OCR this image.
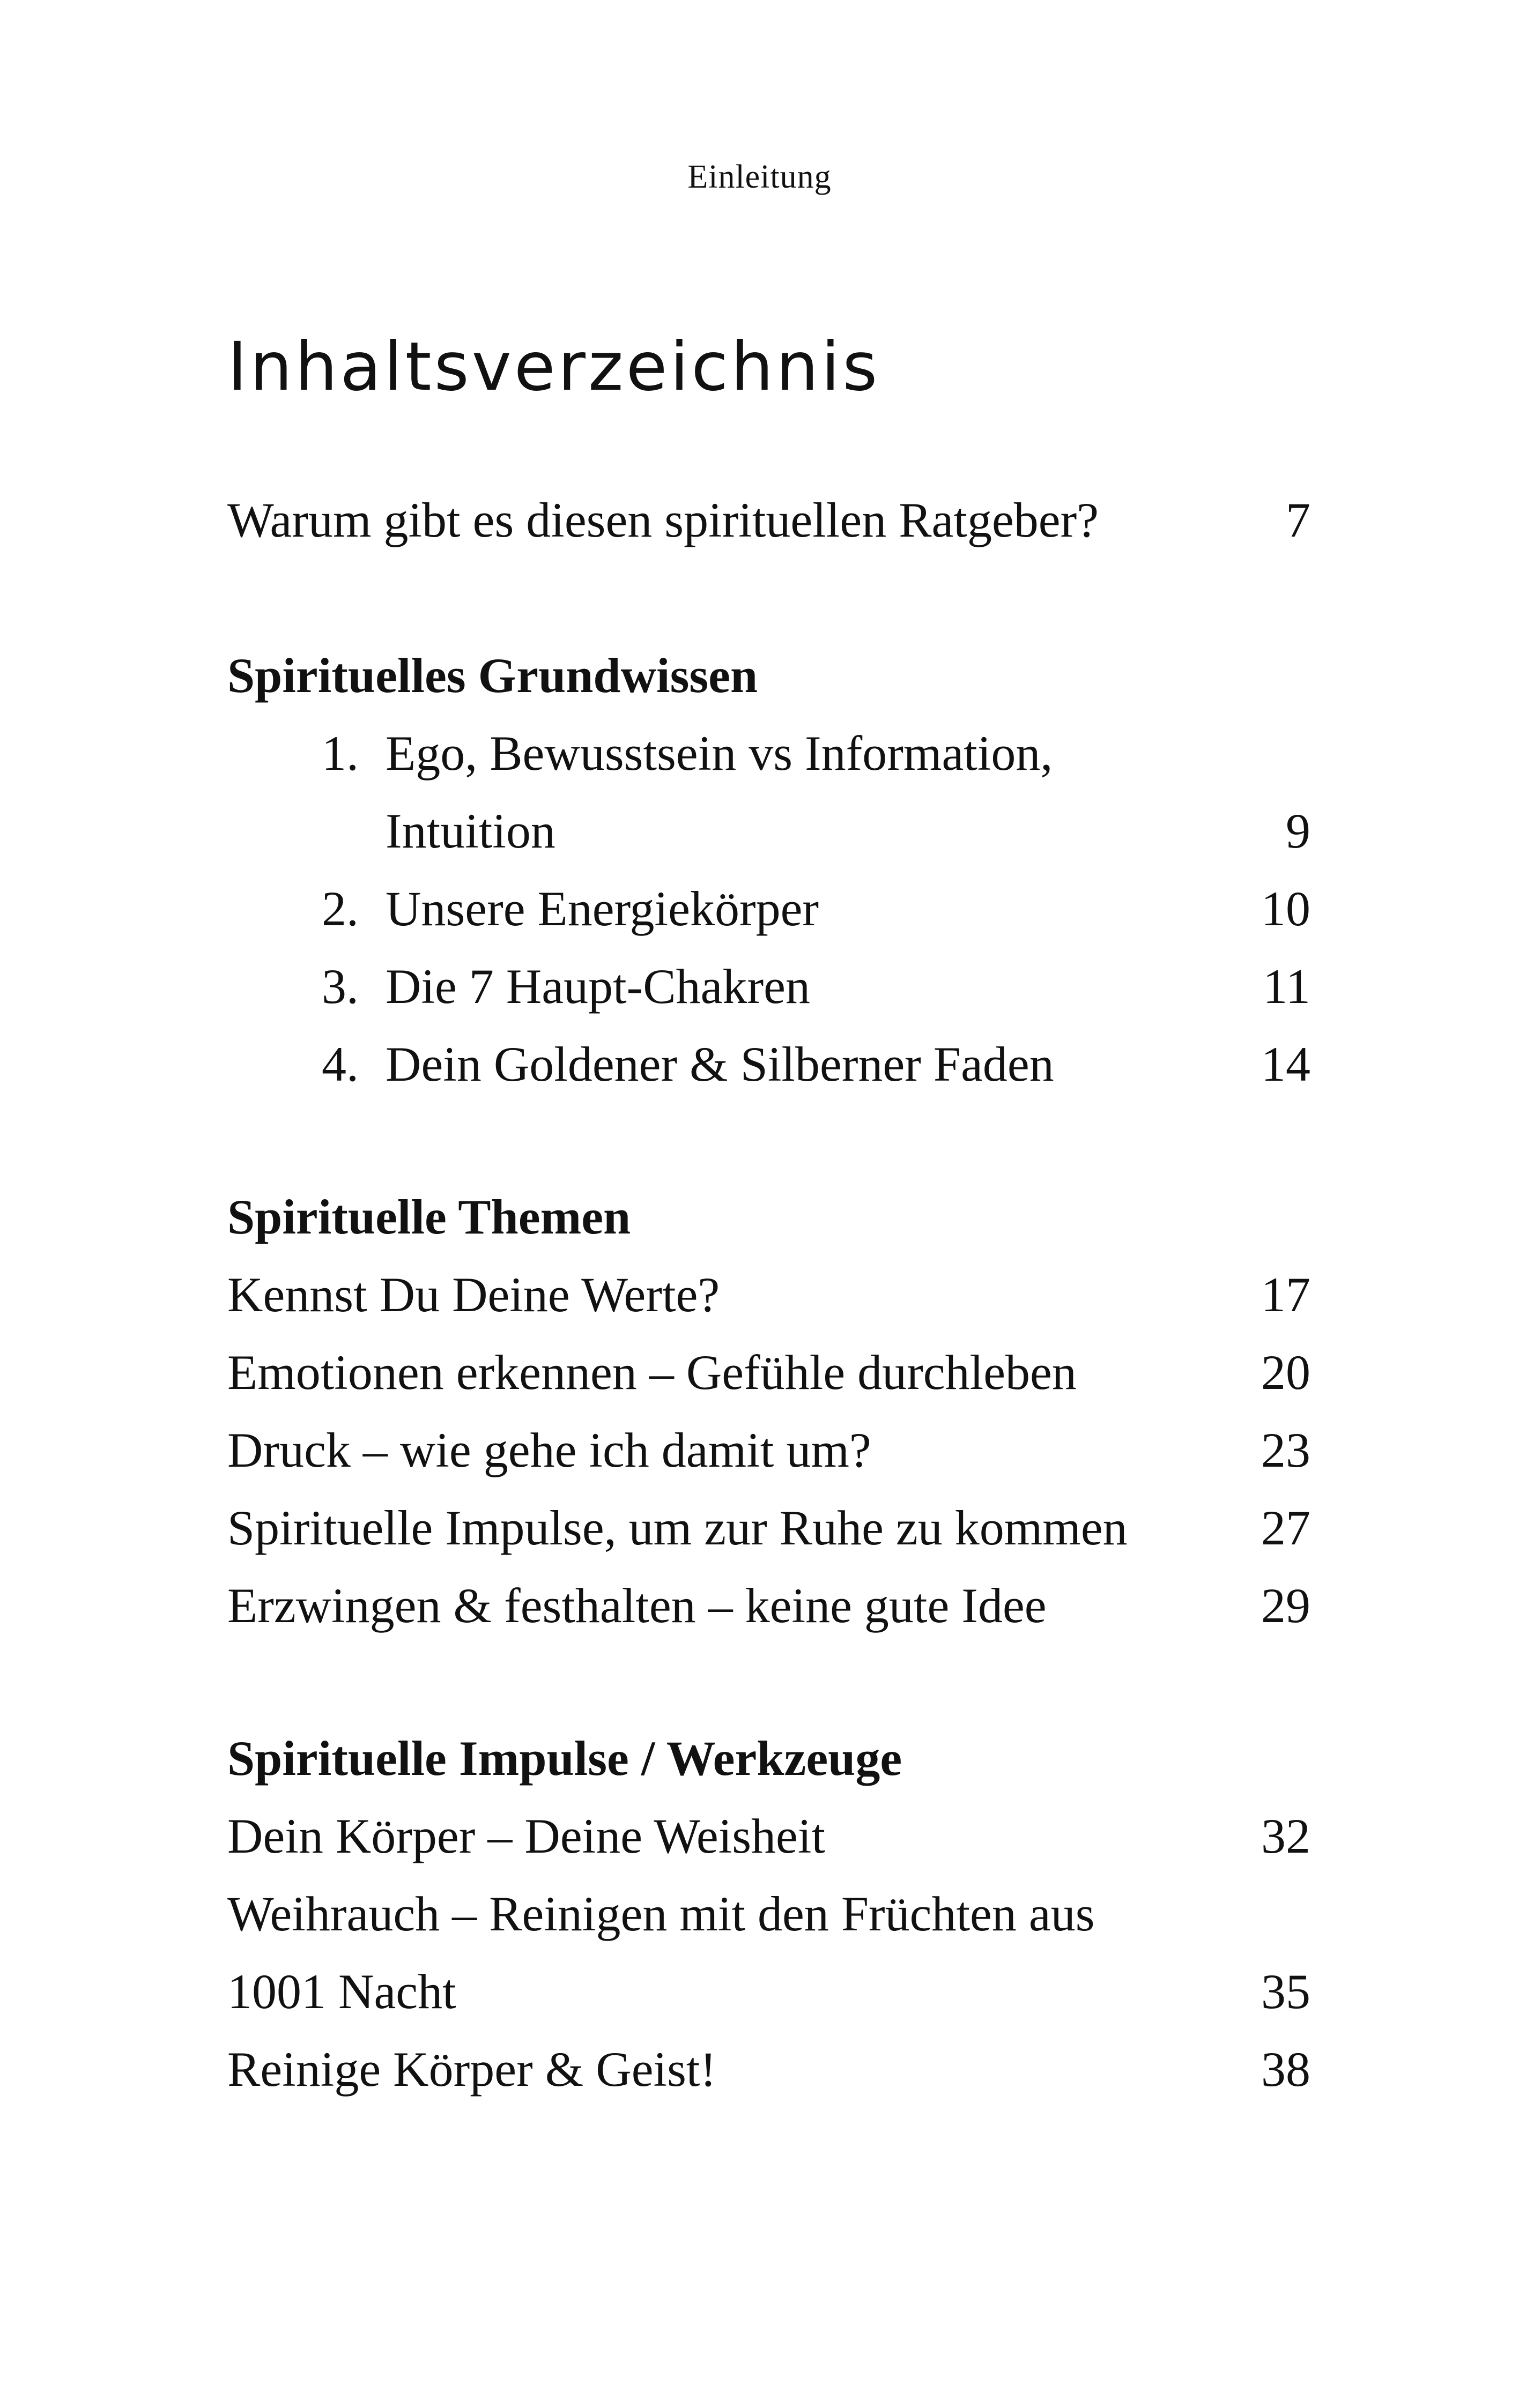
Einleitung
Inhaltsverzeichnis
Warum gibt es diesen spirituellen Ratgeber?	7
Spirituelles Grundwissen
1. Ego, Bewusstsein vs Information,
Intuition	9
2. Unsere Energiekörper	10
3. Die 7 Haupt-Chakren	11
4. Dein Goldener & Silberner Faden	14
Spirituelle Themen
Kennst Du Deine Werte?	17
Emotionen erkennen – Gefühle durchleben	20
Druck – wie gehe ich damit um?	23
Spirituelle Impulse, um zur Ruhe zu kommen	27
Erzwingen & festhalten – keine gute Idee	29
Spirituelle Impulse / Werkzeuge
Dein Körper – Deine Weisheit	32
Weihrauch – Reinigen mit den Früchten aus
1001 Nacht	35
Reinige Körper & Geist!	38
